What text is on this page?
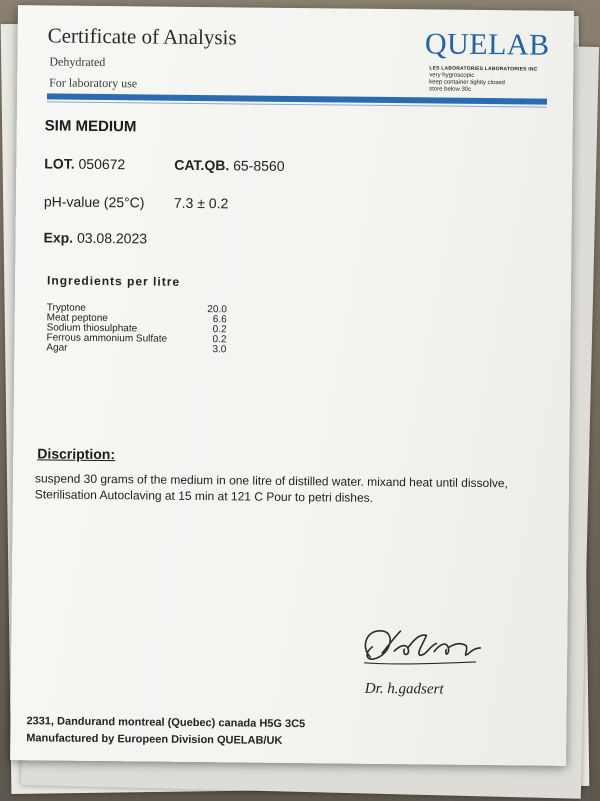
Certificate of Analysis
Dehydrated
For laboratory use
QUELAB
LES LABORATORIES LABORATORIES INC
very hygroscopic
keep container tightly closed
store below 30c
SIM MEDIUM
LOT. 050672	CAT.QB. 65-8560
pH-value (25°C) 7.3 ± 0.2
Exp. 03.08.2023
Ingredients per litre
Tryptone	20.0
Meat peptone	6.6
Sodium thiosulphate	0.2
Ferrous ammonium Sulfate	0.2
Agar	3.0
Discription:
suspend 30 grams of the medium in one litre of distilled water. mixand heat until dissolve, Sterilisation Autoclaving at 15 min at 121 C Pour to petri dishes.
Dr. h.gadsert
2331, Dandurand montreal (Quebec) canada H5G 3C5
Manufactured by Europeen Division QUELAB/UK
